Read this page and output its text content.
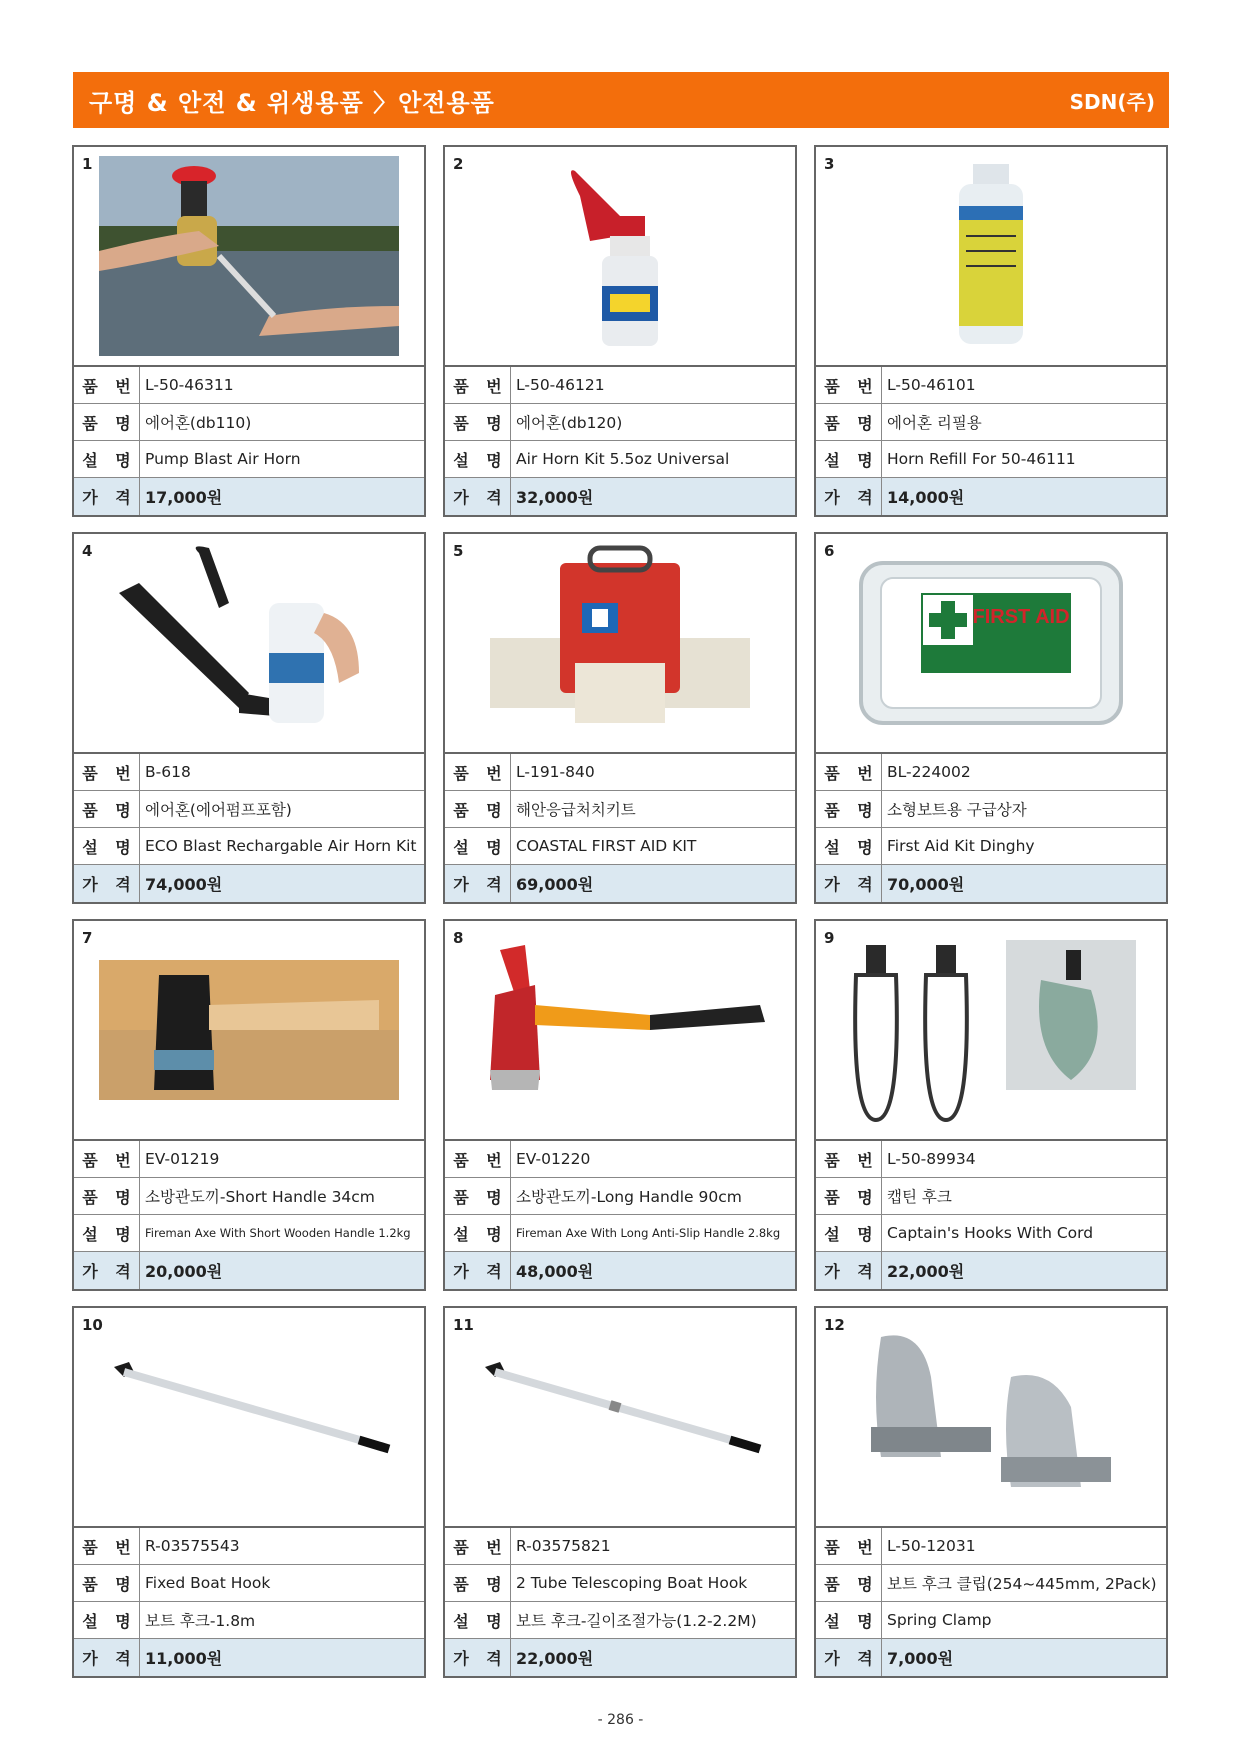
구명 & 안전 & 위생용품 〉안전용품	SDN(주)
1
품 번 L-50-46311
품 명 에어혼(db110)
설 명 Pump Blast Air Horn
가 격 17,000원
2
품 번 L-50-46121
품 명 에어혼(db120)
설 명 Air Horn Kit 5.5oz Universal
가 격 32,000원
3
품 번 L-50-46101
품 명 에어혼 리필용
설 명 Horn Refill For 50-46111
가 격 14,000원
4
품 번 B-618
품 명 에어혼(에어펌프포함)
설 명 ECO Blast Rechargable Air Horn Kit
가 격 74,000원
5
품 번 L-191-840
품 명 해안응급처치키트
설 명 COASTAL FIRST AID KIT
가 격 69,000원
6
FIRST AID
품 번 BL-224002
품 명 소형보트용 구급상자
설 명 First Aid Kit Dinghy
가 격 70,000원
7
품 번 EV-01219
품 명 소방관도끼-Short Handle 34cm
설 명 Fireman Axe With Short Wooden Handle 1.2kg
가 격 20,000원
8
품 번 EV-01220
품 명 소방관도끼-Long Handle 90cm
설 명 Fireman Axe With Long Anti-Slip Handle 2.8kg
가 격 48,000원
9
품 번 L-50-89934
품 명 캡틴 후크
설 명 Captain's Hooks With Cord
가 격 22,000원
10
품 번 R-03575543
품 명 Fixed Boat Hook
설 명 보트 후크-1.8m
가 격 11,000원
11
품 번 R-03575821
품 명 2 Tube Telescoping Boat Hook
설 명 보트 후크-길이조절가능(1.2-2.2M)
가 격 22,000원
12
품 번 L-50-12031
품 명 보트 후크 클립(254~445mm, 2Pack)
설 명 Spring Clamp
가 격 7,000원
- 286 -
